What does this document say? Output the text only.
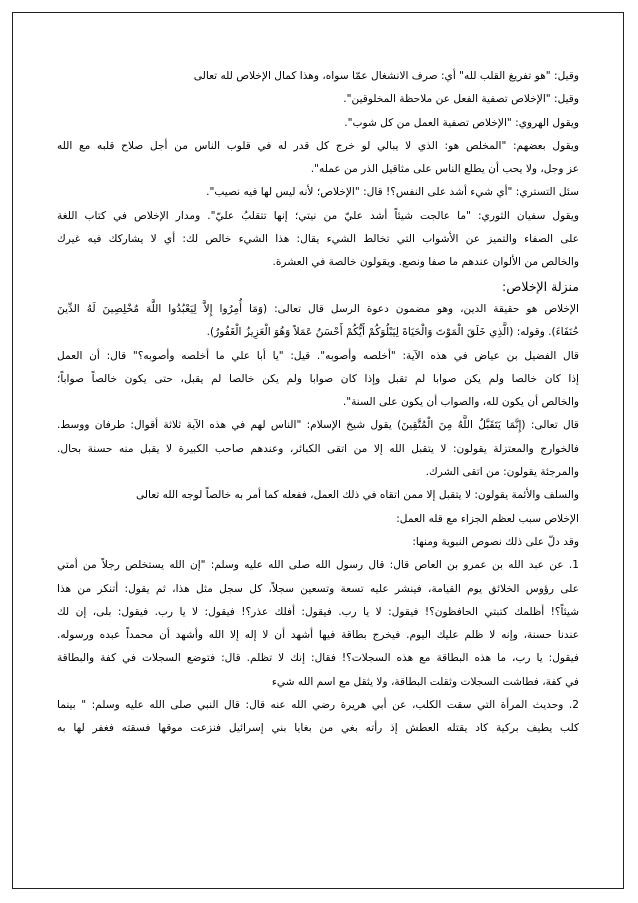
وقيل: "هو تفريغ القلب لله" أي: صرف الانشغال عمّا سواه، وهذا كمال الإخلاص لله تعالى
وقيل: "الإخلاص تصفية الفعل عن ملاحظة المخلوقين".
ويقول الهروي: "الإخلاص تصفية العمل من كل شوب".
ويقول بعضهم: "المخلص هو: الذي لا يبالي لو خرج كل قدر له في قلوب الناس من أجل صلاح قلبه مع الله
عز وجل، ولا يحب أن يطلع الناس على مثاقيل الذر من عمله".
سئل التستري: "أي شيء أشد على النفس؟! قال: "الإخلاص؛ لأنه ليس لها فيه نصيب".
ويقول سفيان الثوري: "ما عالجت شيئاً أشد عليّ من نيتي؛ إنها تتقلبُ عليّ". ومدار الإخلاص في كتاب اللغة
على الصفاء والتميز عن الأشواب التي تخالط الشيء يقال: هذا الشيء خالص لك: أي لا يشاركك فيه غيرك
والخالص من الألوان عندهم ما صفا ونصع. ويقولون خالصة في العشرة.
منزلة الإخلاص:
الإخلاص هو حقيقة الدين، وهو مضمون دعوة الرسل قال تعالى: (وَمَا أُمِرُوا إِلاَّ لِيَعْبُدُوا اللَّهَ مُخْلِصِينَ لَهُ الدِّينَ
حُنَفَاءَ). وقوله: (الَّذِي خَلَقَ الْمَوْتَ وَالْحَيَاةَ لِيَبْلُوَكُمْ أَيُّكُمْ أَحْسَنُ عَمَلاً وَهُوَ الْعَزِيزُ الْغَفُورُ).
قال الفضيل بن عياض في هذه الآية: "أخلصه وأصوبه". قيل: "يا أبا علي ما أخلصه وأصوبه؟" قال: أن العمل
إذا كان خالصا ولم يكن صوابا لم تقبل وإذا كان صوابا ولم يكن خالصا لم يقبل، حتى يكون خالصاً صواباً؛
والخالص أن يكون لله، والصواب أن يكون على السنة".
قال تعالى: (إِنَّمَا يَتَقَبَّلُ اللَّهُ مِنَ الْمُتَّقِينَ) يقول شيخ الإسلام: "الناس لهم في هذه الآية ثلاثة أقوال: طرفان ووسط.
فالخوارج والمعتزلة يقولون: لا يتقبل الله إلا من اتقى الكبائر، وعندهم صاحب الكبيرة لا يقبل منه حسنة بحال.
والمرجئة يقولون: من اتقى الشرك.
والسلف والأئمة يقولون: لا يتقبل إلا ممن اتقاه في ذلك العمل، ففعله كما أمر به خالصاً لوجه الله تعالى
الإخلاص سبب لعظم الجزاء مع قله العمل:
وقد دلّ على ذلك نصوص النبوية ومنها:
1. عن عبد الله بن عمرو بن العاص قال: قال رسول الله صلى الله عليه وسلم: "إن الله يستخلص رجلاً من أمتي
على رؤوس الخلائق يوم القيامة، فينشر عليه تسعة وتسعين سجلاً، كل سجل مثل هذا، ثم يقول: أتنكر من هذا
شيئاً؟! أظلمك كتبتي الحافظون؟! فيقول: لا يا رب. فيقول: أفلك عذر؟! فيقول: لا يا رب. فيقول: بلى، إن لك
عندنا حسنة، وإنه لا ظلم عليك اليوم. فيخرج بطاقة فيها أشهد أن لا إله إلا الله وأشهد أن محمداً عبده ورسوله.
فيقول: يا رب، ما هذه البطاقة مع هذه السجلات؟! فقال: إنك لا تظلم. قال: فتوضع السجلات في كفة والبطاقة
في كفة، فطاشت السجلات وثقلت البطاقة، ولا يثقل مع اسم الله شيء
2. وحديث المرأة التي سقت الكلب، عن أبي هريرة رضي الله عنه قال: قال النبي صلى الله عليه وسلم: " بينما
كلب يطيف بركية كاد يقتله العطش إذ رأته بغي من بغايا بني إسرائيل فنزعت موقها فسقته فغفر لها به
